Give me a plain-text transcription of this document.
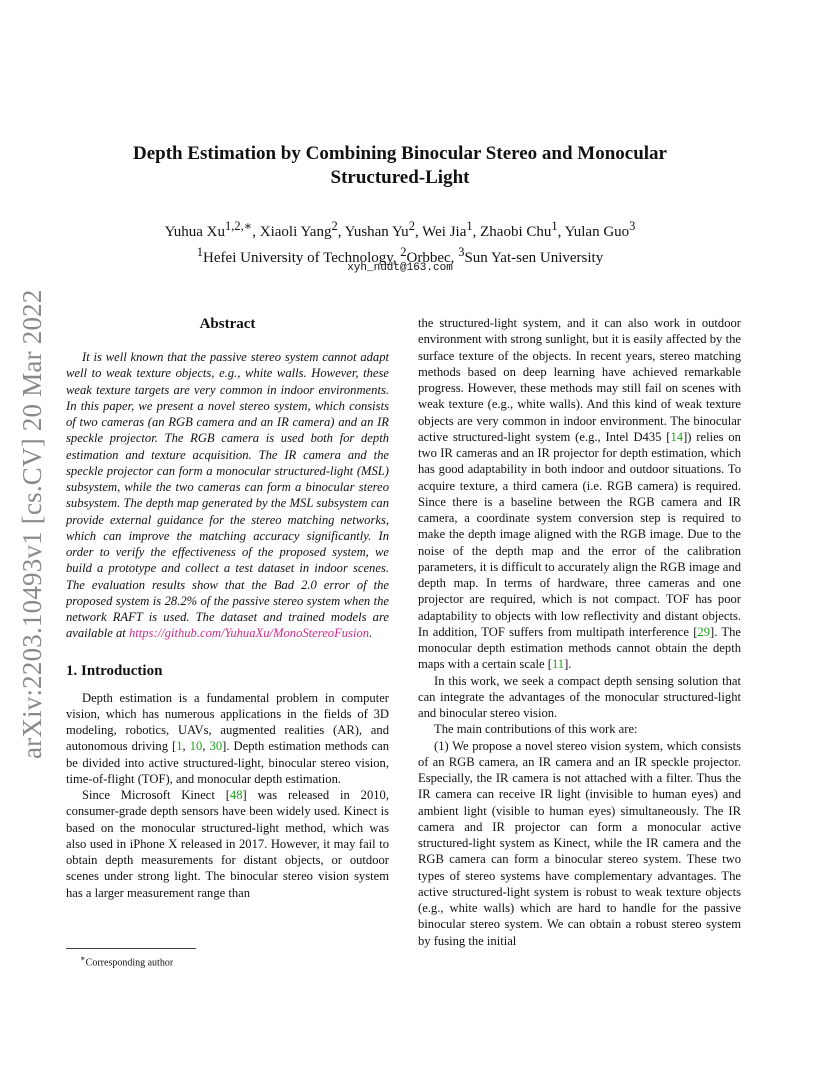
arXiv:2203.10493v1 [cs.CV] 20 Mar 2022
Depth Estimation by Combining Binocular Stereo and Monocular Structured-Light
Yuhua $Xu^{1,2,∗}$, Xiaoli Yang$^2$, Yushan Yu$^2$, Wei Jia$^1$, Zhaobi Chu$^1$, Yulan Guo$^3$
$^1$Hefei University of Technology, $^2$Orbbec, $^3$Sun Yat-sen University
xyh_nudt@163.com
Abstract

It is well known that the passive stereo system cannot adapt well to weak texture objects, e.g., white walls. However, these weak texture targets are very common in indoor environments. In this paper, we present a novel stereo system, which consists of two cameras (an RGB camera and an IR camera) and an IR speckle projector. The RGB camera is used both for depth estimation and texture acquisition. The IR camera and the speckle projector can form a monocular structured-light (MSL) subsystem, while the two cameras can form a binocular stereo subsystem. The depth map generated by the MSL subsystem can provide external guidance for the stereo matching networks, which can improve the matching accuracy significantly. In order to verify the effectiveness of the proposed system, we build a prototype and collect a test dataset in indoor scenes. The evaluation results show that the Bad 2.0 error of the proposed system is 28.2% of the passive stereo system when the network RAFT is used. The dataset and trained models are available at https://github.com/YuhuaXu/MonoStereoFusion.

1. Introduction

Depth estimation is a fundamental problem in computer vision, which has numerous applications in the fields of 3D modeling, robotics, UAVs, augmented realities (AR), and autonomous driving [1, 10, 30]. Depth estimation methods can be divided into active structured-light, binocular stereo vision, time-of-flight (TOF), and monocular depth estimation.

Since Microsoft Kinect [48] was released in 2010, consumer-grade depth sensors have been widely used. Kinect is based on the monocular structured-light method, which was also used in iPhone X released in 2017. However, it may fail to obtain depth measurements for distant objects, or outdoor scenes under strong light. The binocular stereo vision system has a larger measurement range than

the structured-light system, and it can also work in outdoor environment with strong sunlight, but it is easily affected by the surface texture of the objects. In recent years, stereo matching methods based on deep learning have achieved remarkable progress. However, these methods may still fail on scenes with weak texture (e.g., white walls). And this kind of weak texture objects are very common in indoor environment. The binocular active structured-light system (e.g., Intel D435 [14]) relies on two IR cameras and an IR projector for depth estimation, which has good adaptability in both indoor and outdoor situations. To acquire texture, a third camera (i.e. RGB camera) is required. Since there is a baseline between the RGB camera and IR camera, a coordinate system conversion step is required to make the depth image aligned with the RGB image. Due to the noise of the depth map and the error of the calibration parameters, it is difficult to accurately align the RGB image and depth map. In terms of hardware, three cameras and one projector are required, which is not compact. TOF has poor adaptability to objects with low reflectivity and distant objects. In addition, TOF suffers from multipath interference [29]. The monocular depth estimation methods cannot obtain the depth maps with a certain scale [11].

In this work, we seek a compact depth sensing solution that can integrate the advantages of the monocular structured-light and binocular stereo vision.

The main contributions of this work are:

(1) We propose a novel stereo vision system, which consists of an RGB camera, an IR camera and an IR speckle projector. Especially, the IR camera is not attached with a filter. Thus the IR camera can receive IR light (invisible to human eyes) and ambient light (visible to human eyes) simultaneously. The IR camera and IR projector can form a monocular active structured-light system as Kinect, while the IR camera and the RGB camera can form a binocular stereo system. These two types of stereo systems have complementary advantages. The active structured-light system is robust to weak texture objects (e.g., white walls) which are hard to handle for the passive binocular stereo system. We can obtain a robust stereo system by fusing the initial

∗Corresponding author
